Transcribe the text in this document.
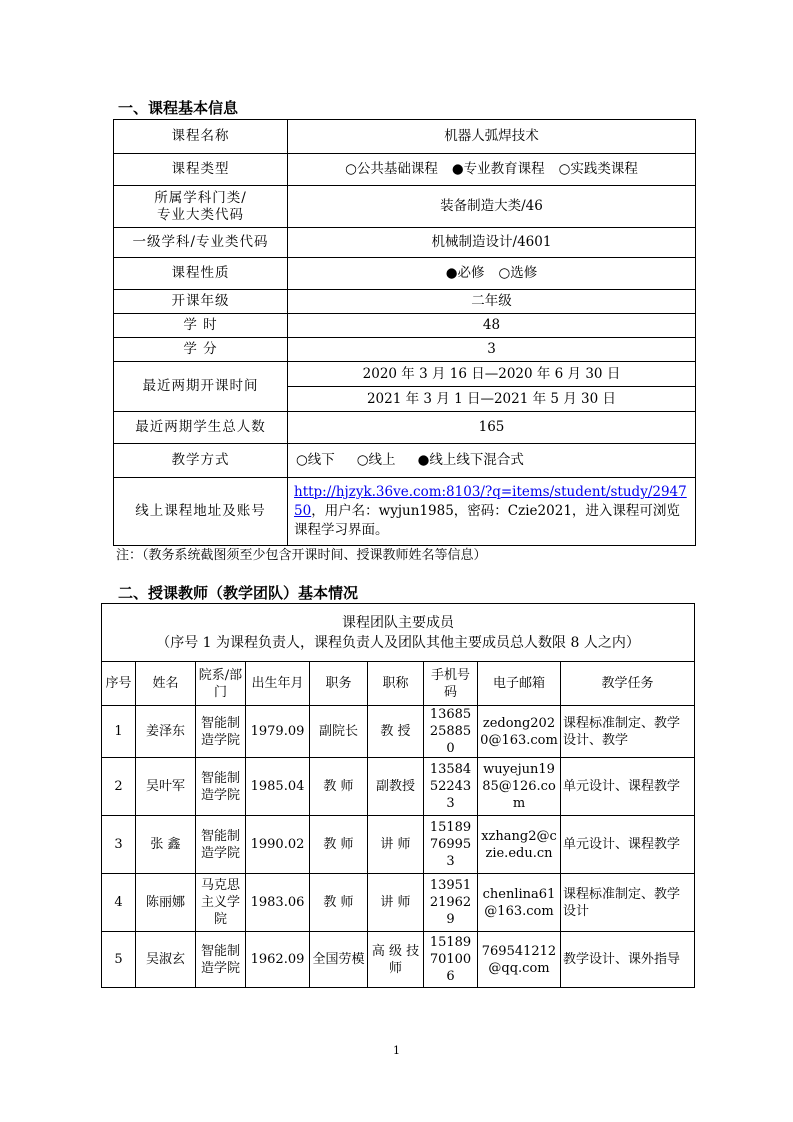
一、课程基本信息
课程名称	机器人弧焊技术
课程类型	○公共基础课程 ●专业教育课程 ○实践类课程

所属学科门类/
专业大类代码	装备制造大类/46
一级学科/专业类代码	机械制造设计/4601
课程性质	●必修 ○选修
开课年级	二年级
学 时	48
学 分	3
最近两期开课时间	2020 年 3 月 16 日—2020 年 6 月 30 日
	2021 年 3 月 1 日—2021 年 5 月 30 日
最近两期学生总人数	165
教学方式	○线下 ○线上 ●线上线下混合式
线上课程地址及账号	http://hjzyk.36ve.com:8103/?q=items/student/study/294750，用户名：wyjun1985，密码：Czie2021，进入课程可浏览课程学习界面。
注：（教务系统截图须至少包含开课时间、授课教师姓名等信息）
二、授课教师（教学团队）基本情况
课程团队主要成员
（序号 1 为课程负责人，课程负责人及团队其他主要成员总人数限 8 人之内）								

序号	姓名	院系/部门	出生年月	职务	职称	手机号码	电子邮箱	教学任务
1	姜泽东	智能制造学院	1979.09	副院长	教 授	13685258850	zedong2020@163.com	课程标准制定、教学设计、教学
2	吴叶军	智能制造学院	1985.04	教 师	副教授	13584522433	wuyejun1985@126.com	单元设计、课程教学
3	张 鑫	智能制造学院	1990.02	教 师	讲 师	15189769953	xzhang2@czie.edu.cn	单元设计、课程教学
4	陈丽娜	马克思主义学院	1983.06	教 师	讲 师	13951219629	chenlina61@163.com	课程标准制定、教学设计
5	吴淑玄	智能制造学院	1962.09	全国劳模	高 级 技 师	15189701006	769541212@qq.com	教学设计、课外指导
1
